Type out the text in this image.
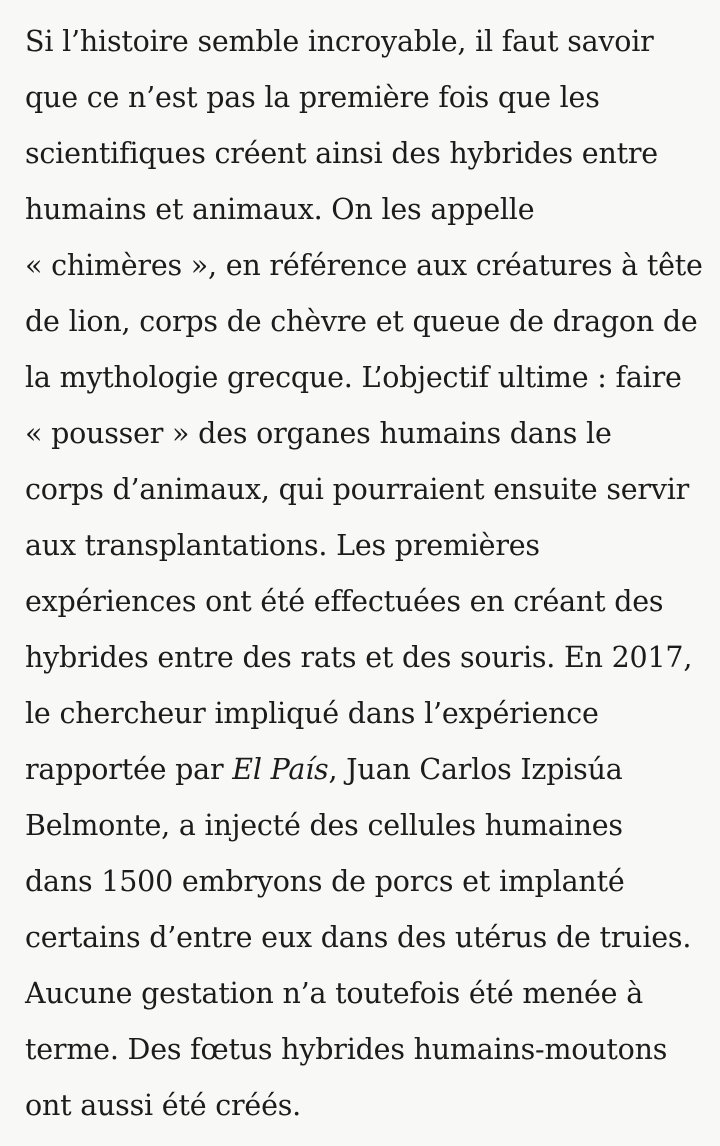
Si l’histoire semble incroyable, il faut savoir
que ce n’est pas la première fois que les
scientifiques créent ainsi des hybrides entre
humains et animaux. On les appelle
« chimères », en référence aux créatures à tête
de lion, corps de chèvre et queue de dragon de
la mythologie grecque. L’objectif ultime : faire
« pousser » des organes humains dans le
corps d’animaux, qui pourraient ensuite servir
aux transplantations. Les premières
expériences ont été effectuées en créant des
hybrides entre des rats et des souris. En 2017,
le chercheur impliqué dans l’expérience
rapportée par El País, Juan Carlos Izpisúa
Belmonte, a injecté des cellules humaines
dans 1500 embryons de porcs et implanté
certains d’entre eux dans des utérus de truies.
Aucune gestation n’a toutefois été menée à
terme. Des fœtus hybrides humains-moutons
ont aussi été créés.
